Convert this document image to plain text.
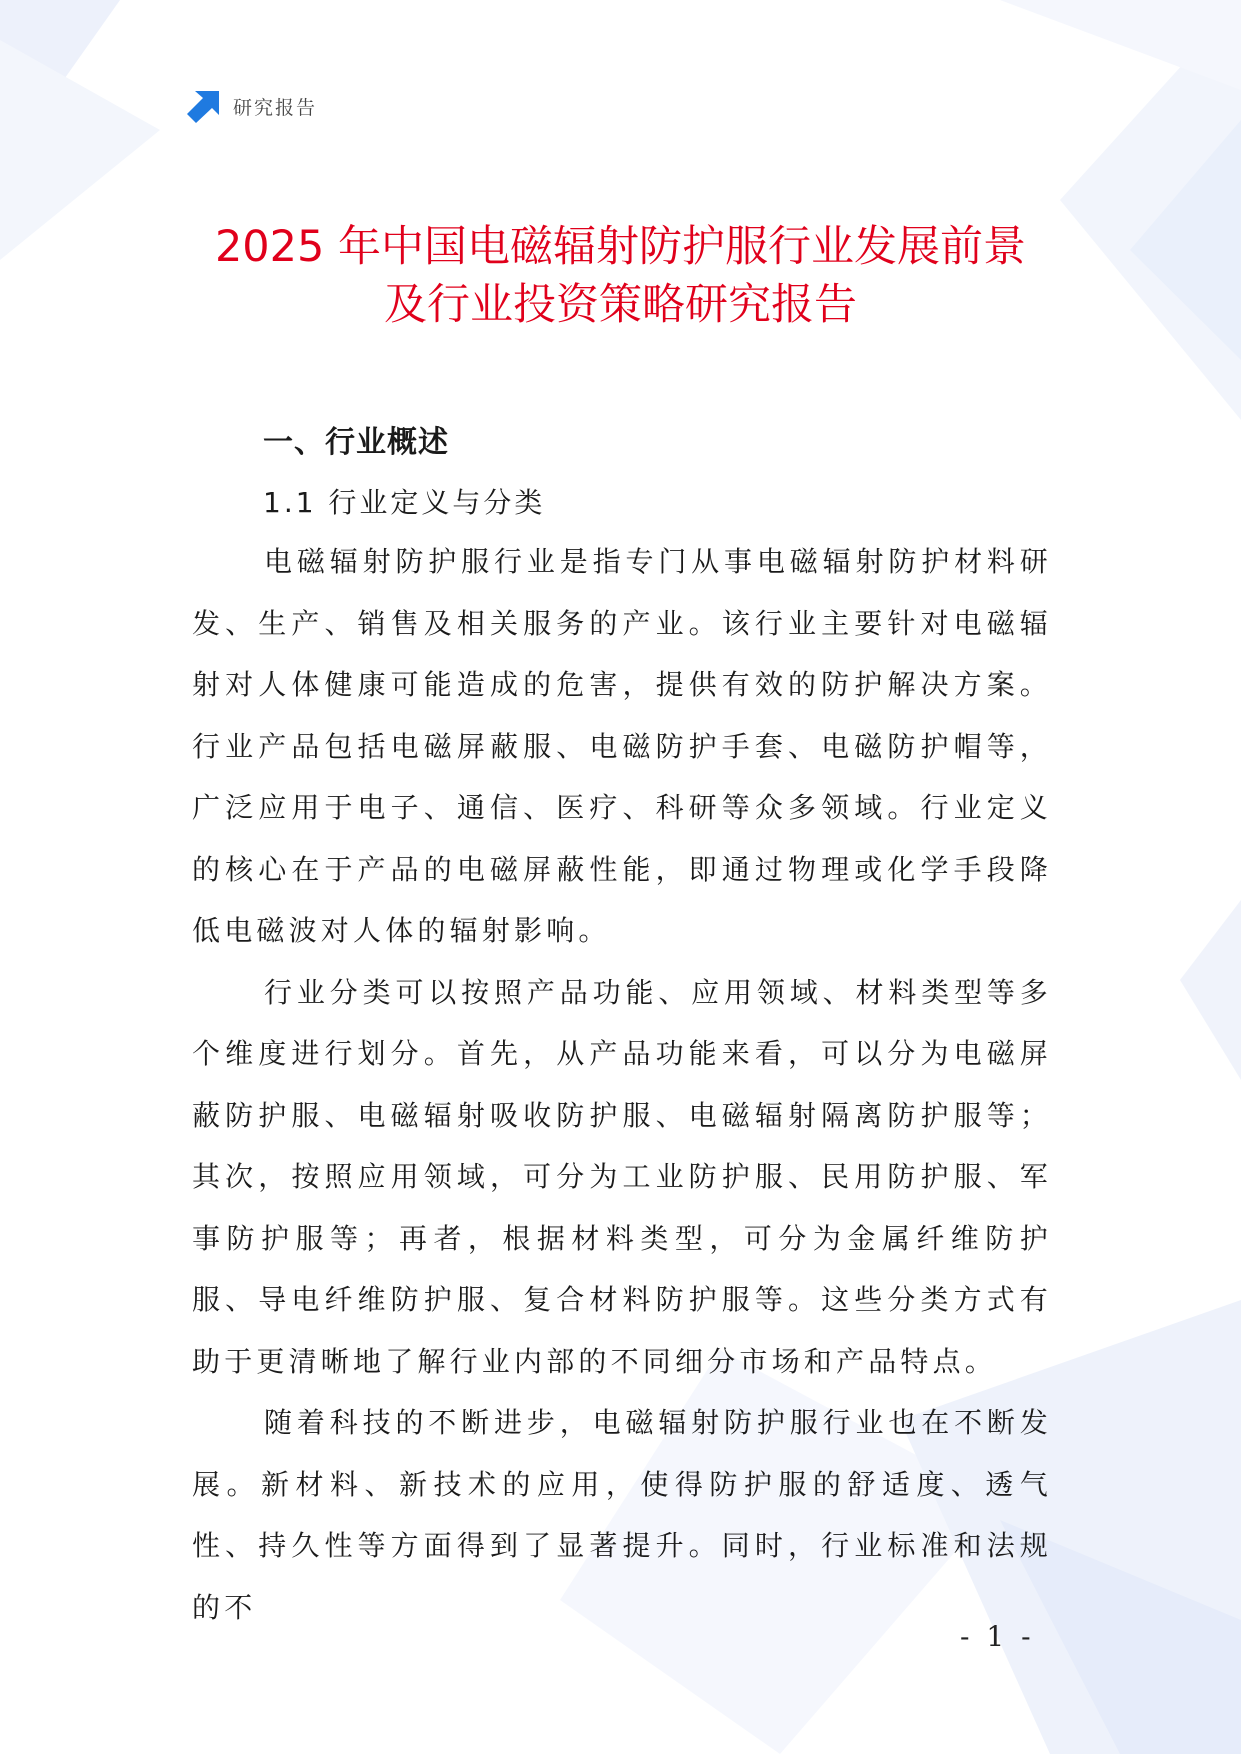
研究报告
2025 年中国电磁辐射防护服行业发展前景
及行业投资策略研究报告

一、行业概述

1.1 行业定义与分类

电磁辐射防护服行业是指专门从事电磁辐射防护材料研发、生产、销售及相关服务的产业。该行业主要针对电磁辐射对人体健康可能造成的危害，提供有效的防护解决方案。行业产品包括电磁屏蔽服、电磁防护手套、电磁防护帽等，广泛应用于电子、通信、医疗、科研等众多领域。行业定义的核心在于产品的电磁屏蔽性能，即通过物理或化学手段降低电磁波对人体的辐射影响。

行业分类可以按照产品功能、应用领域、材料类型等多个维度进行划分。首先，从产品功能来看，可以分为电磁屏蔽防护服、电磁辐射吸收防护服、电磁辐射隔离防护服等；其次，按照应用领域，可分为工业防护服、民用防护服、军事防护服等；再者，根据材料类型，可分为金属纤维防护服、导电纤维防护服、复合材料防护服等。这些分类方式有助于更清晰地了解行业内部的不同细分市场和产品特点。

随着科技的不断进步，电磁辐射防护服行业也在不断发展。新材料、新技术的应用，使得防护服的舒适度、透气性、持久性等方面得到了显著提升。同时，行业标准和法规的不

- 1 -
